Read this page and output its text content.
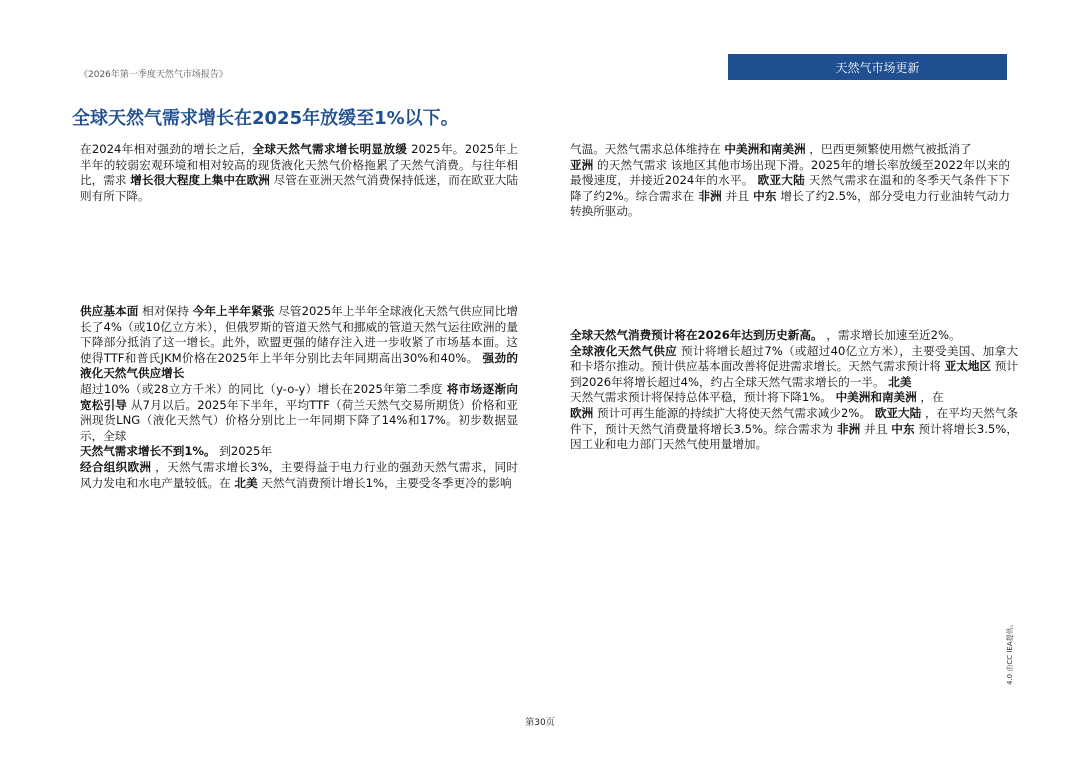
《2026年第一季度天然气市场报告》
天然气市场更新
全球天然气需求增长在2025年放缓至1%以下。

在2024年相对强劲的增长之后，全球天然气需求增长明显放缓 2025年。2025年上半年的较弱宏观环境和相对较高的现货液化天然气价格拖累了天然气消费。与往年相比，需求 增长很大程度上集中在欧洲 尽管在亚洲天然气消费保持低迷，而在欧亚大陆则有所下降。

气温。天然气需求总体维持在 中美洲和南美洲 ，巴西更频繁使用燃气被抵消了
亚洲 的天然气需求 该地区其他市场出现下滑。2025年的增长率放缓至2022年以来的最慢速度，并接近2024年的水平。 欧亚大陆 天然气需求在温和的冬季天气条件下下降了约2%。综合需求在 非洲 并且 中东 增长了约2.5%，部分受电力行业油转气动力转换所驱动。

供应基本面 相对保持 今年上半年紧张 尽管2025年上半年全球液化天然气供应同比增长了4%（或10亿立方米），但俄罗斯的管道天然气和挪威的管道天然气运往欧洲的量下降部分抵消了这一增长。此外，欧盟更强的储存注入进一步收紧了市场基本面。这使得TTF和普氏JKM价格在2025年上半年分别比去年同期高出30%和40%。 强劲的液化天然气供应增长
超过10%（或28立方千米）的同比（y-o-y）增长在2025年第二季度 将市场逐渐向宽松引导 从7月以后。2025年下半年，平均TTF（荷兰天然气交易所期货）价格和亚洲现货LNG（液化天然气）价格分别比上一年同期下降了14%和17%。初步数据显示，全球
天然气需求增长不到1%。 到2025年
经合组织欧洲 ，天然气需求增长3%，主要得益于电力行业的强劲天然气需求，同时风力发电和水电产量较低。在 北美 天然气消费预计增长1%，主要受冬季更冷的影响

全球天然气消费预计将在2026年达到历史新高。 ，需求增长加速至近2%。
全球液化天然气供应 预计将增长超过7%（或超过40亿立方米），主要受美国、加拿大和卡塔尔推动。预计供应基本面改善将促进需求增长。天然气需求预计将 亚太地区 预计到2026年将增长超过4%，约占全球天然气需求增长的一半。 北美
天然气需求预计将保持总体平稳，预计将下降1%。 中美洲和南美洲 ，在
欧洲 预计可再生能源的持续扩大将使天然气需求减少2%。 欧亚大陆 ，在平均天然气条件下，预计天然气消费量将增长3.5%。综合需求为 非洲 并且 中东 预计将增长3.5%，因工业和电力部门天然气使用量增加。

第30页
4.0 由CC IEA提供。
